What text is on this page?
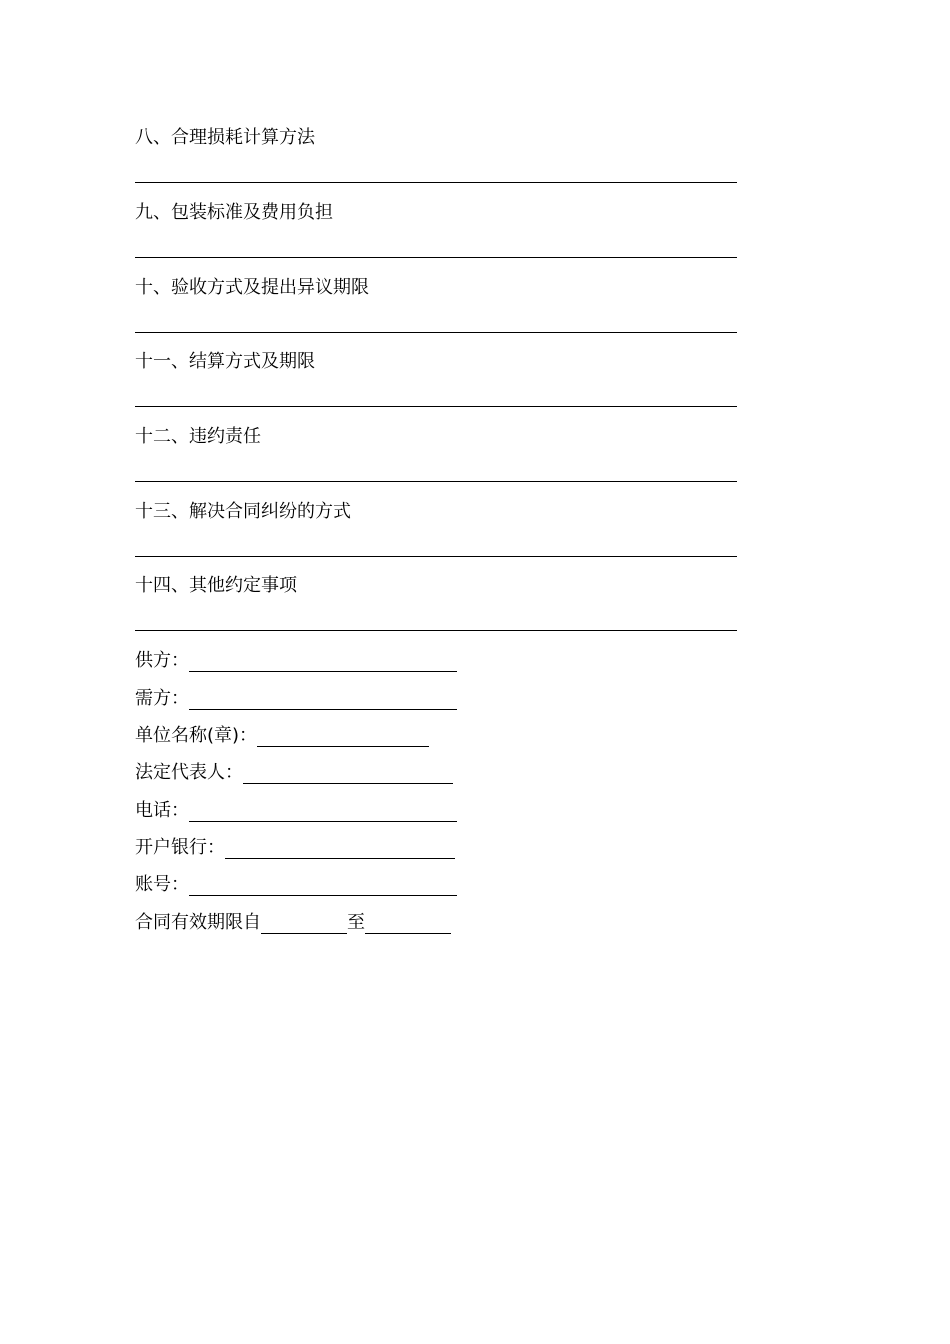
八、合理损耗计算方法
九、包装标准及费用负担
十、验收方式及提出异议期限
十一、结算方式及期限
十二、违约责任
十三、解决合同纠纷的方式
十四、其他约定事项
供方：
需方：
单位名称(章)：
法定代表人：
电话：
开户银行：
账号：
合同有效期限自	至
